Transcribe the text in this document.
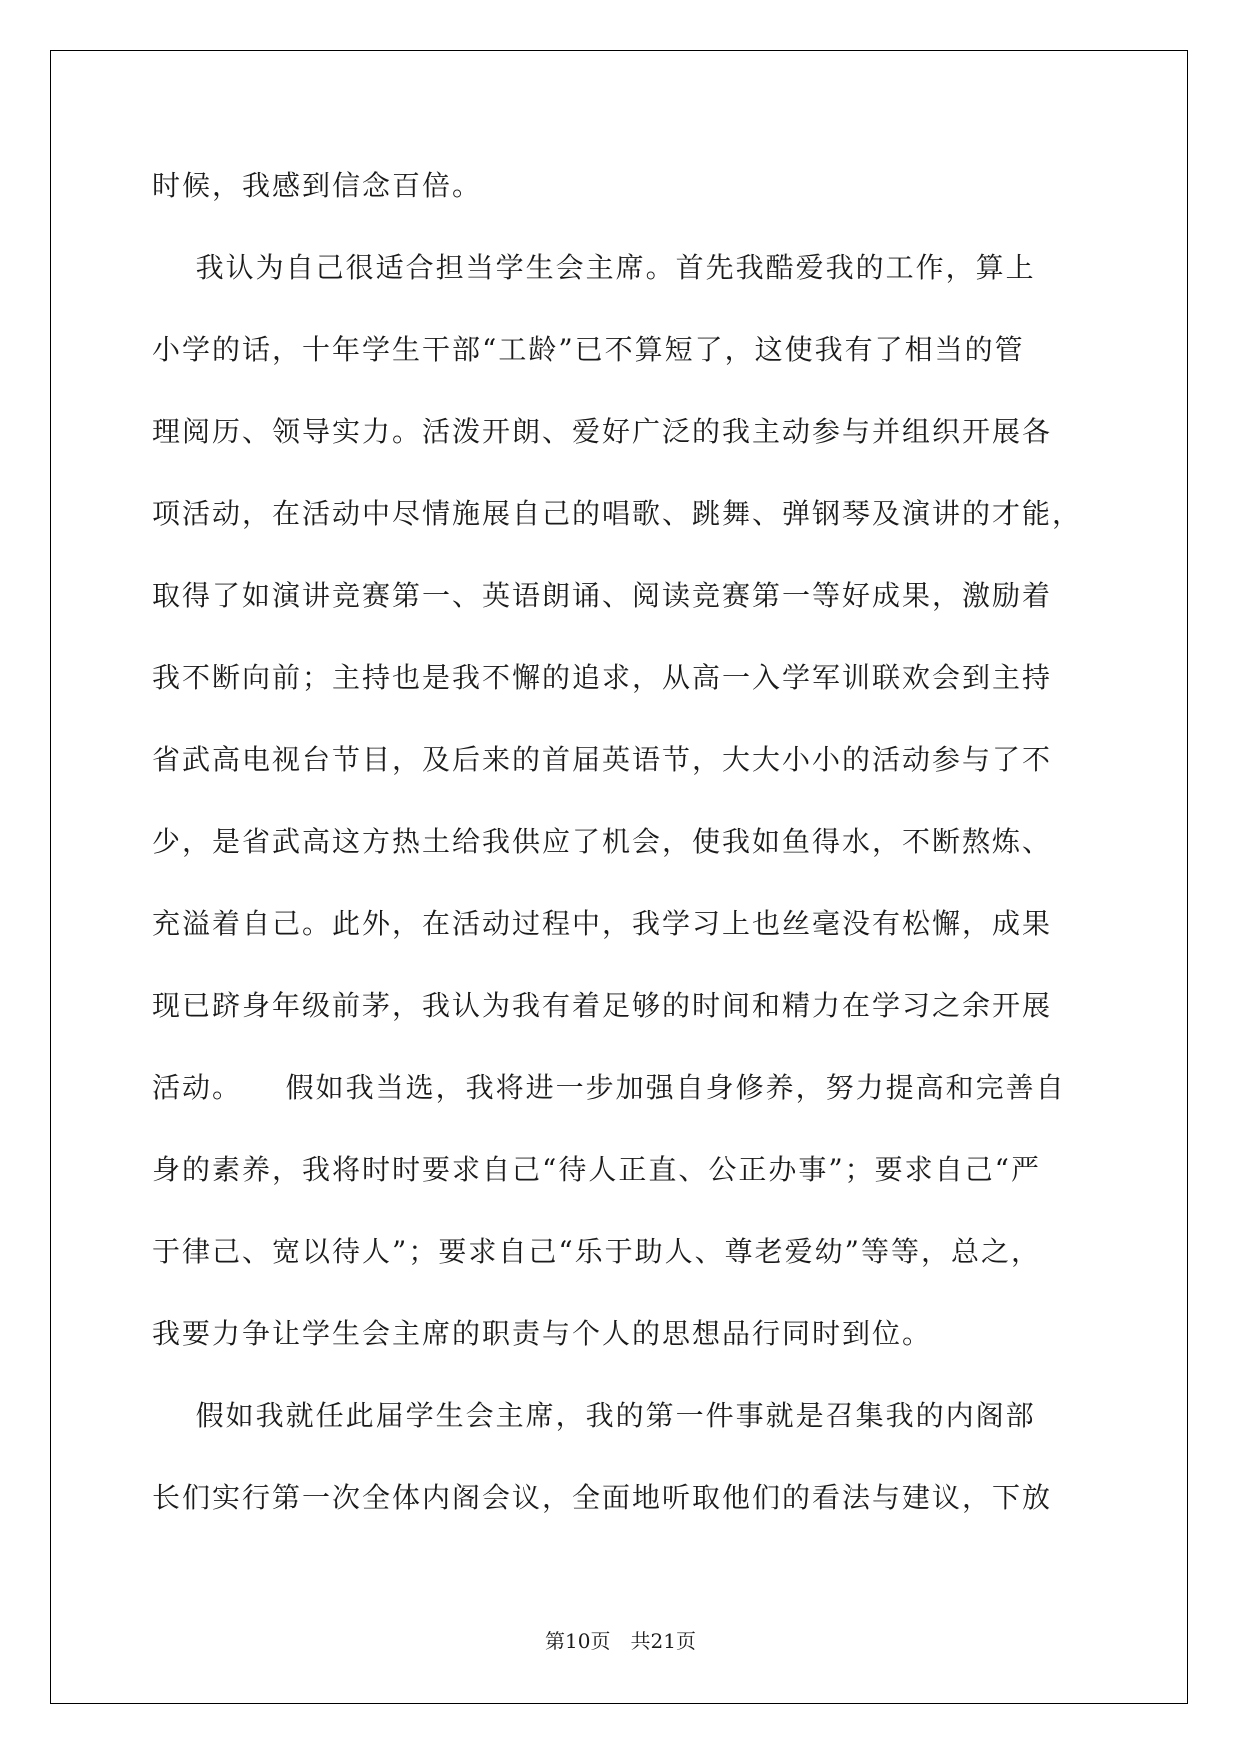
时候，我感到信念百倍。
我认为自己很适合担当学生会主席。首先我酷爱我的工作，算上
小学的话，十年学生干部“工龄”已不算短了，这使我有了相当的管
理阅历、领导实力。活泼开朗、爱好广泛的我主动参与并组织开展各
项活动，在活动中尽情施展自己的唱歌、跳舞、弹钢琴及演讲的才能，
取得了如演讲竞赛第一、英语朗诵、阅读竞赛第一等好成果，激励着
我不断向前；主持也是我不懈的追求，从高一入学军训联欢会到主持
省武高电视台节目，及后来的首届英语节，大大小小的活动参与了不
少，是省武高这方热土给我供应了机会，使我如鱼得水，不断熬炼、
充溢着自己。此外，在活动过程中，我学习上也丝毫没有松懈，成果
现已跻身年级前茅，我认为我有着足够的时间和精力在学习之余开展
活动。    假如我当选，我将进一步加强自身修养，努力提高和完善自
身的素养，我将时时要求自己“待人正直、公正办事”；要求自己“严
于律己、宽以待人”；要求自己“乐于助人、尊老爱幼”等等，总之，
我要力争让学生会主席的职责与个人的思想品行同时到位。
假如我就任此届学生会主席，我的第一件事就是召集我的内阁部
长们实行第一次全体内阁会议，全面地听取他们的看法与建议，下放
第10页　共21页
